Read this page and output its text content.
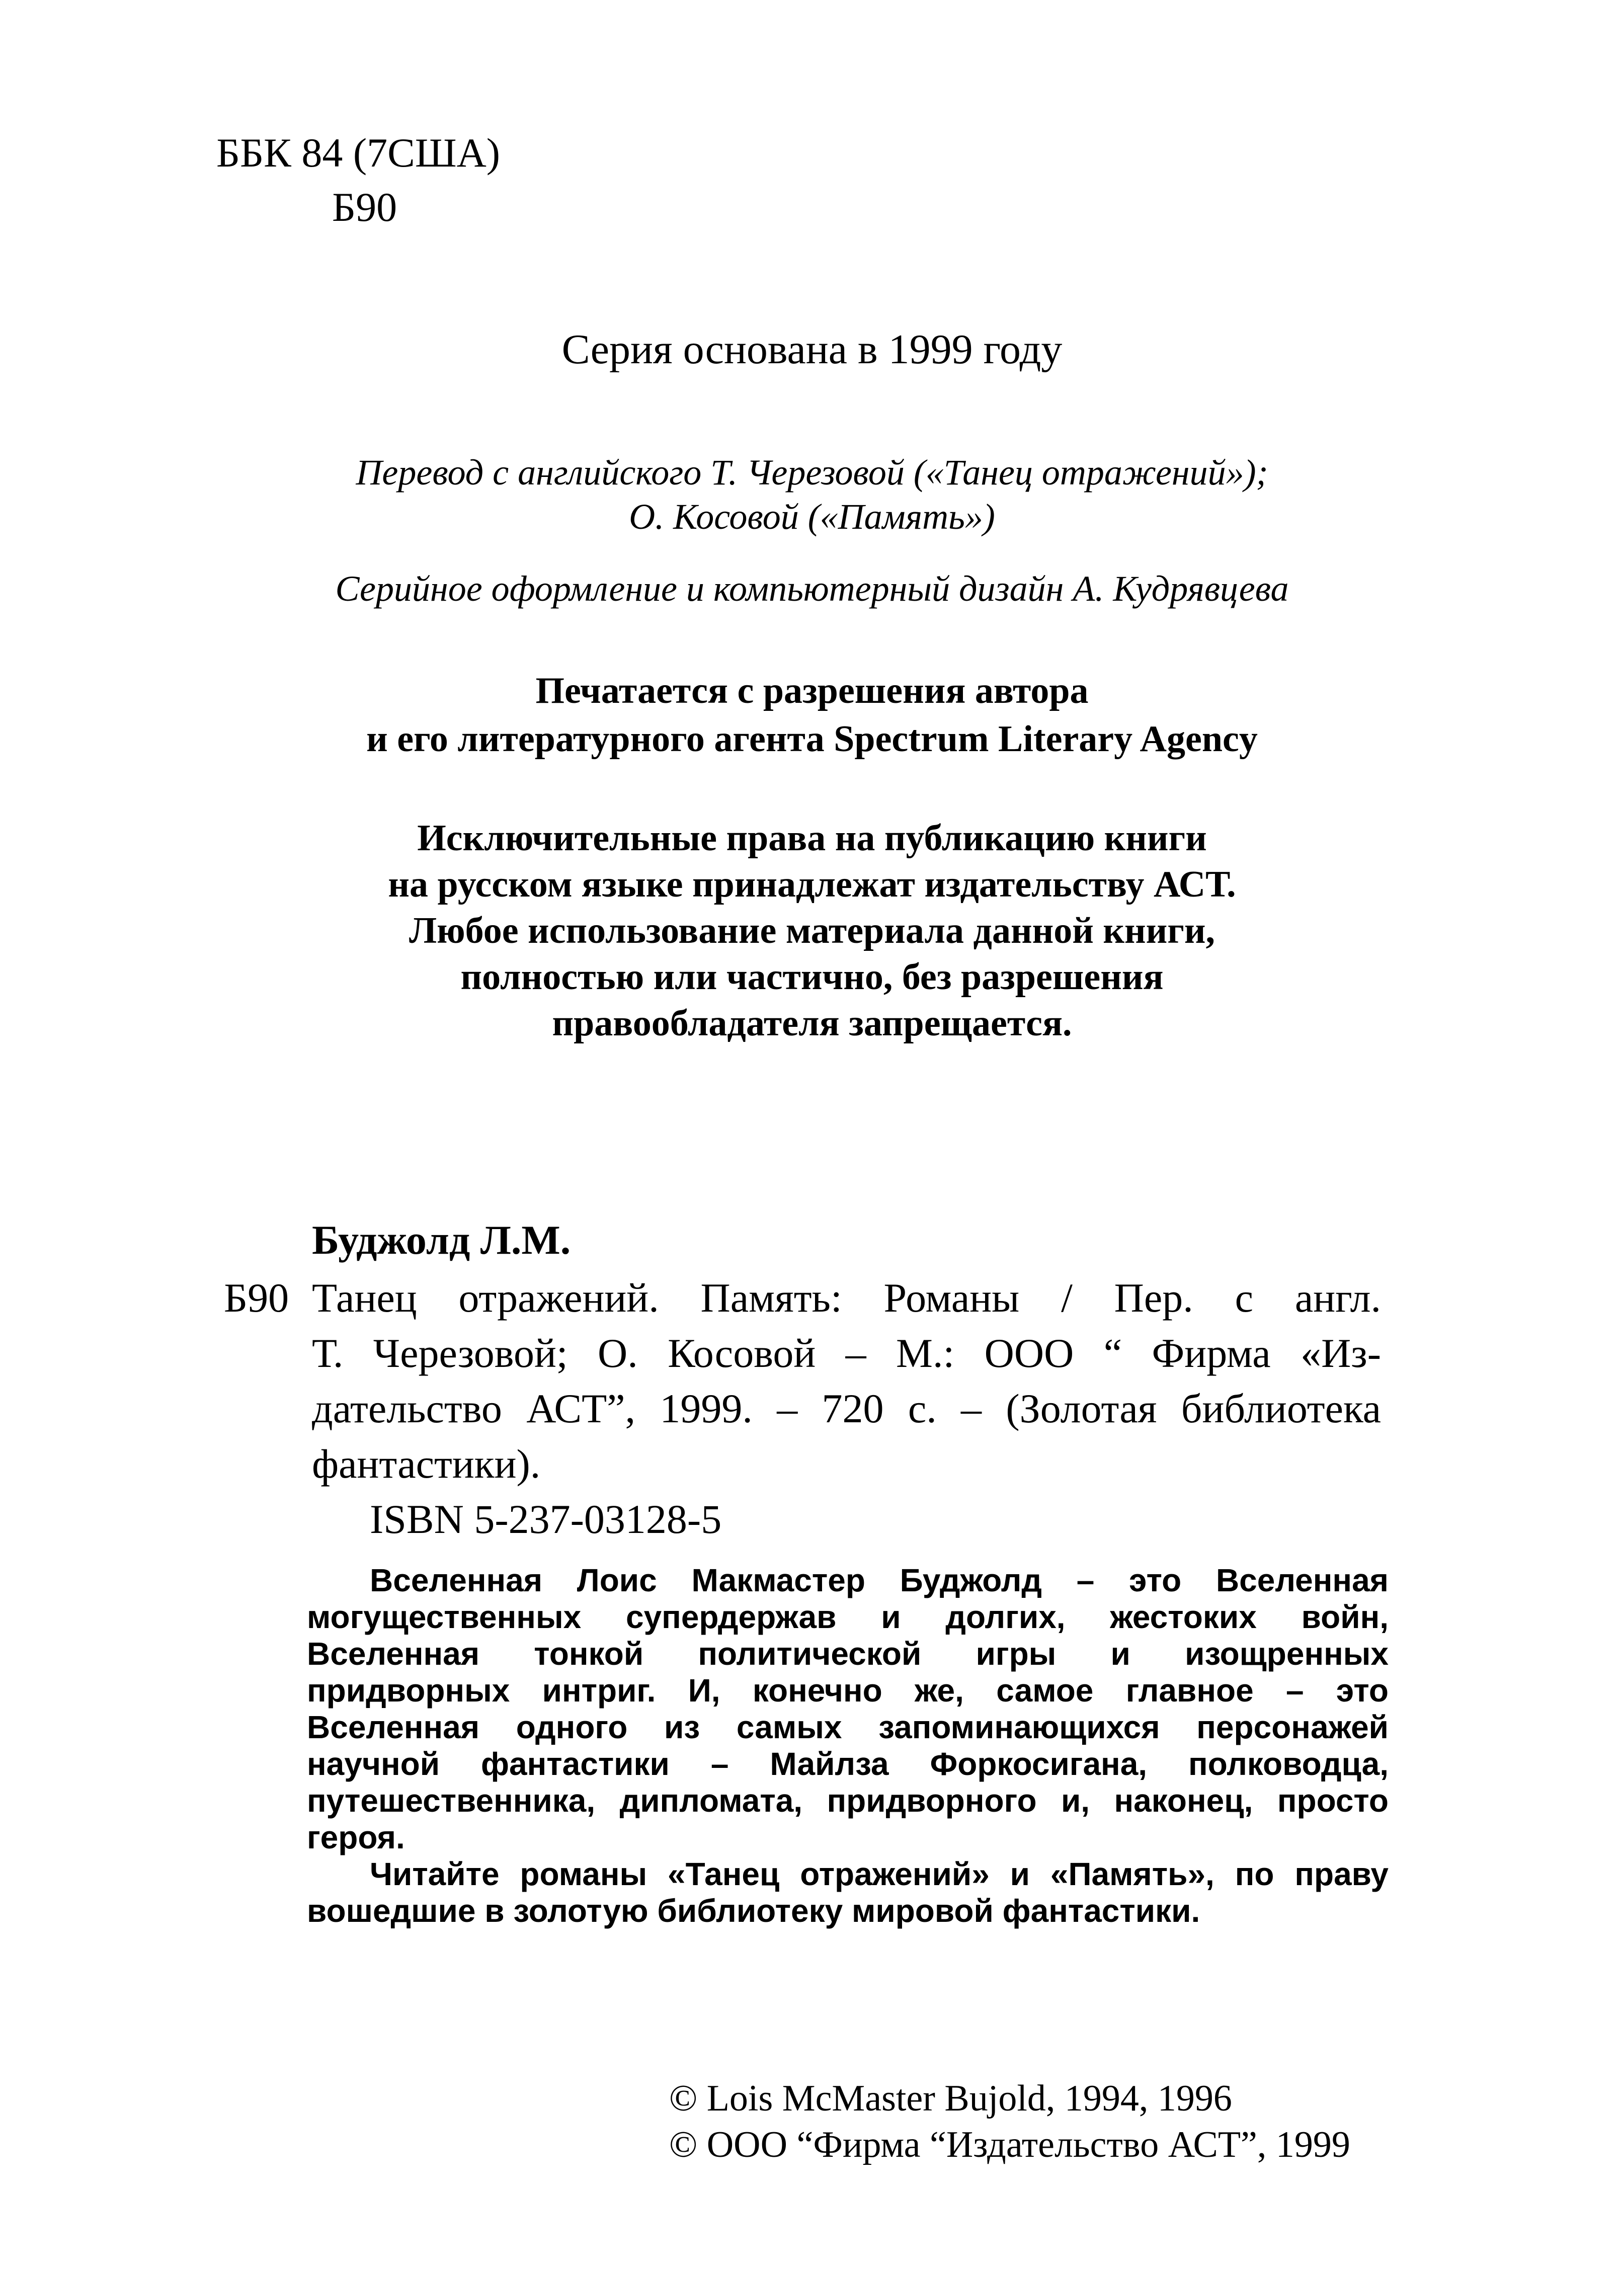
ББК 84 (7США)
Б90
Серия основана в 1999 году
Перевод с английского Т. Черезовой («Танец отражений»);
О. Косовой («Память»)
Серийное оформление и компьютерный дизайн А. Кудрявцева
Печатается с разрешения автора
и его литературного агента Spectrum Literary Agency
Исключительные права на публикацию книги
на русском языке принадлежат издательству АСТ.
Любое использование материала данной книги,
полностью или частично, без разрешения
правообладателя запрещается.
Буджолд Л.М.
Б90 Танец отражений. Память: Романы / Пер. с англ.
Т. Черезовой; О. Косовой – М.: ООО “ Фирма «Из-
дательство АСТ”, 1999. – 720 с. – (Золотая библиотека
фантастики).
ISBN 5-237-03128-5
Вселенная Лоис Макмастер Буджолд – это Вселенная
могущественных супердержав и долгих, жестоких войн,
Вселенная тонкой политической игры и изощренных
придворных интриг. И, конечно же, самое главное – это
Вселенная одного из самых запоминающихся персонажей
научной фантастики – Майлза Форкосигана, полководца,
путешественника, дипломата, придворного и, наконец, просто
героя.
Читайте романы «Танец отражений» и «Память», по праву
вошедшие в золотую библиотеку мировой фантастики.
© Lois McMaster Bujold, 1994, 1996
© ООО “Фирма “Издательство АСТ”, 1999
